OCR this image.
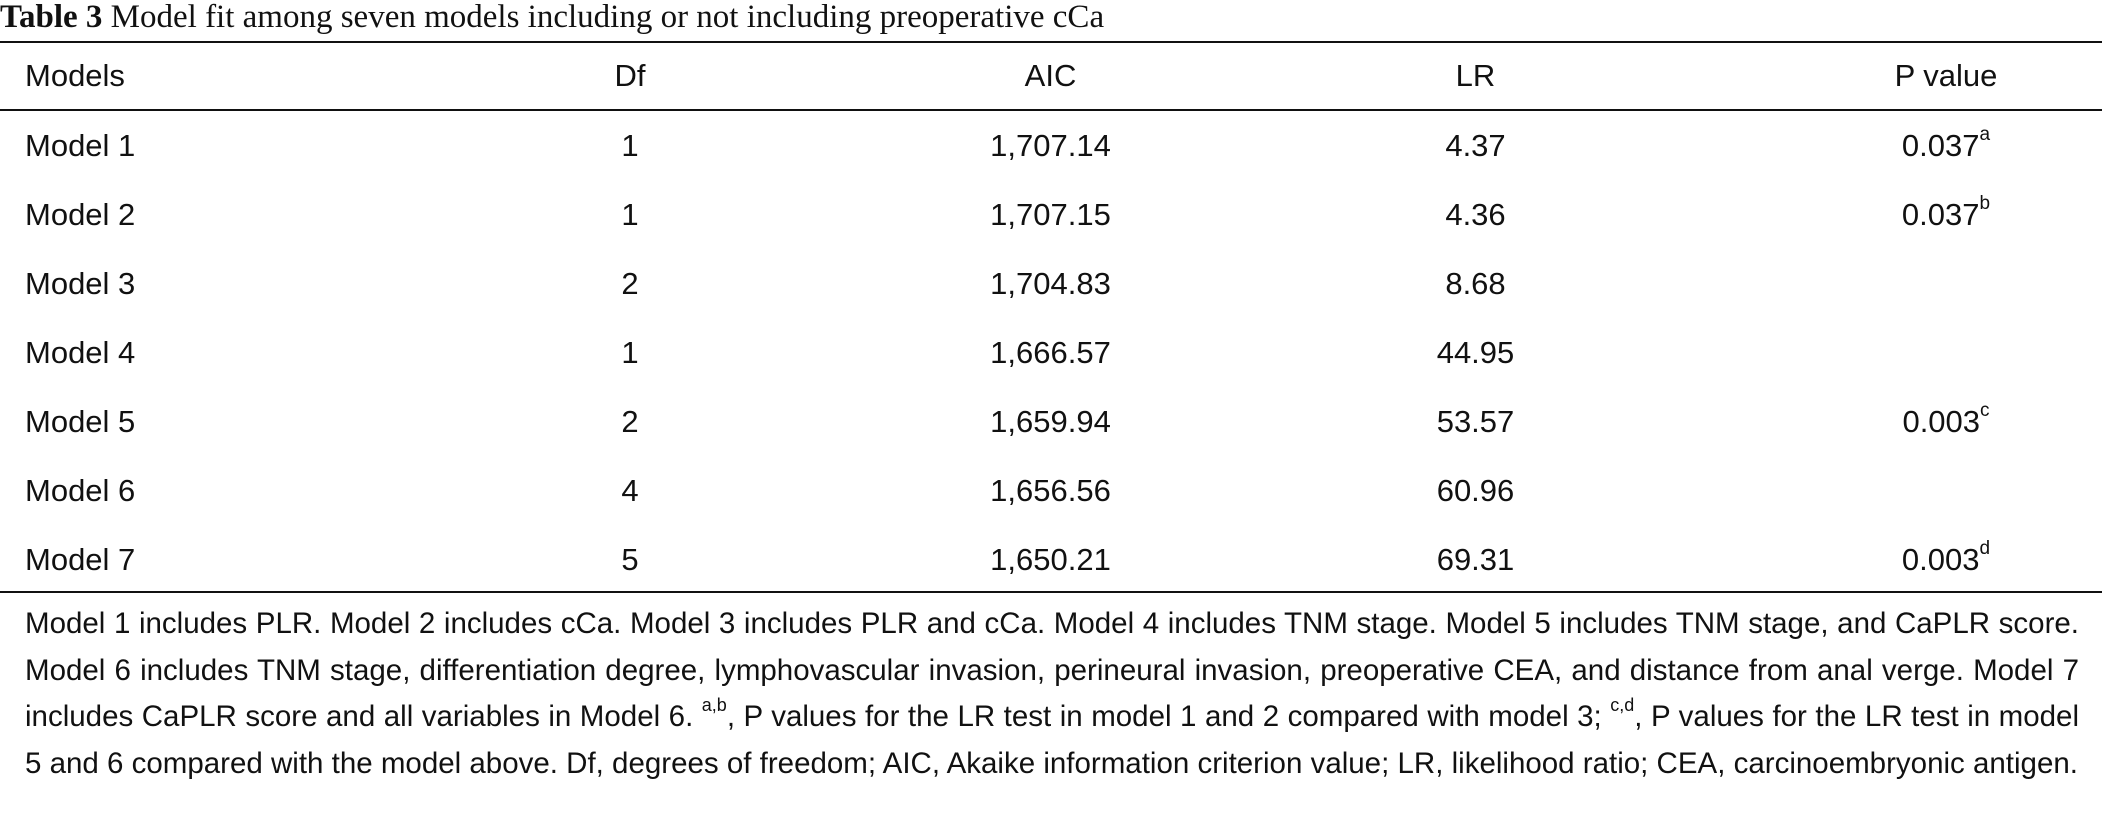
Table 3 Model fit among seven models including or not including preoperative cCa
Models	Df	AIC	LR	P value

Model 1	1	1,707.14	4.37	0.037$^a$
Model 2	1	1,707.15	4.36	0.037$^b$
Model 3	2	1,704.83	8.68	
Model 4	1	1,666.57	44.95	
Model 5	2	1,659.94	53.57	0.003$^c$
Model 6	4	1,656.56	60.96	
Model 7	5	1,650.21	69.31	0.003$^d$
Model 1 includes PLR. Model 2 includes cCa. Model 3 includes PLR and cCa. Model 4 includes TNM stage. Model 5 includes TNM stage, and CaPLR score. Model 6 includes TNM stage, differentiation degree, lymphovascular invasion, perineural invasion, preoperative CEA, and distance from anal verge. Model 7 includes CaPLR score and all variables in Model 6. $^{a,b}$, P values for the LR test in model 1 and 2 compared with model 3; $^{c,d}$, P values for the LR test in model 5 and 6 compared with the model above. Df, degrees of freedom; AIC, Akaike information criterion value; LR, likelihood ratio; CEA, carcinoembryonic antigen.
